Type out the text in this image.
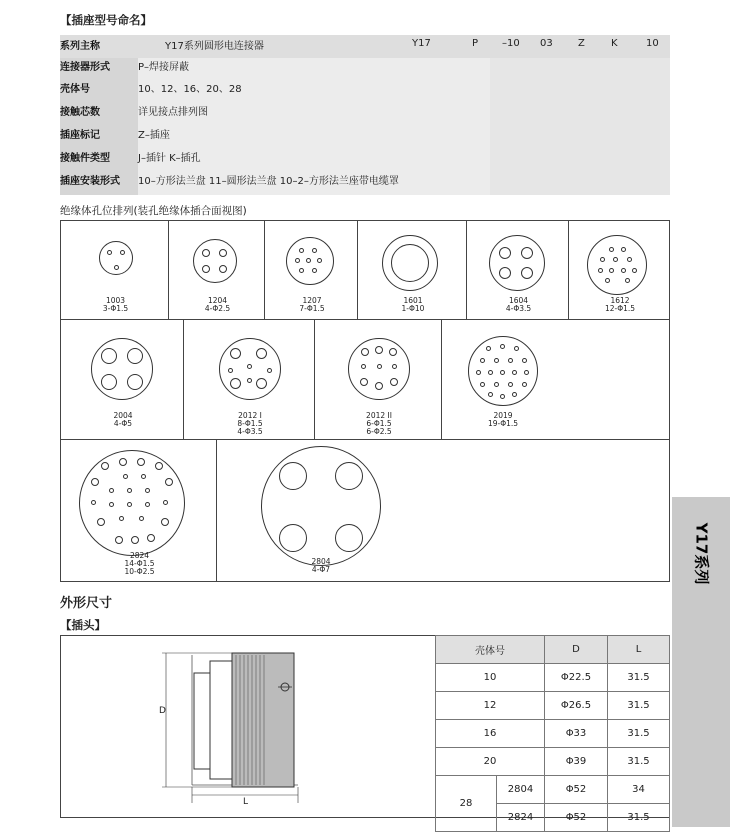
【插座型号命名】
系列主称	Y17系列圆形电连接器
连接器形式	P–焊接屏蔽
壳体号	10、12、16、20、28
接触芯数	详见接点排列图
插座标记	Z–插座
接触件类型	J–插针 K–插孔
插座安装形式	10–方形法兰盘 11–圆形法兰盘 10–2–方形法兰座带电缆罩
Y17	P –10 03	Z	K	10
绝缘体孔位排列(装孔绝缘体插合面视图)
1003
3-Φ1.5
1204
4-Φ2.5
1207
7-Φ1.5
1601
1-Φ10
1604
4-Φ3.5
1612
12-Φ1.5
2004
4-Φ5
2012 I
8-Φ1.5
4-Φ3.5
2012 II
6-Φ1.5
6-Φ2.5
2019
19-Φ1.5
2824
14-Φ1.5
10-Φ2.5
2804
4-Φ7
外形尺寸
【插头】
D
L
壳体号		D	L
10		Φ22.5	31.5
12		Φ26.5	31.5
16		Φ33	31.5
20		Φ39	31.5
28	2804	Φ52	34
	2824	Φ52	31.5
Y17系列
